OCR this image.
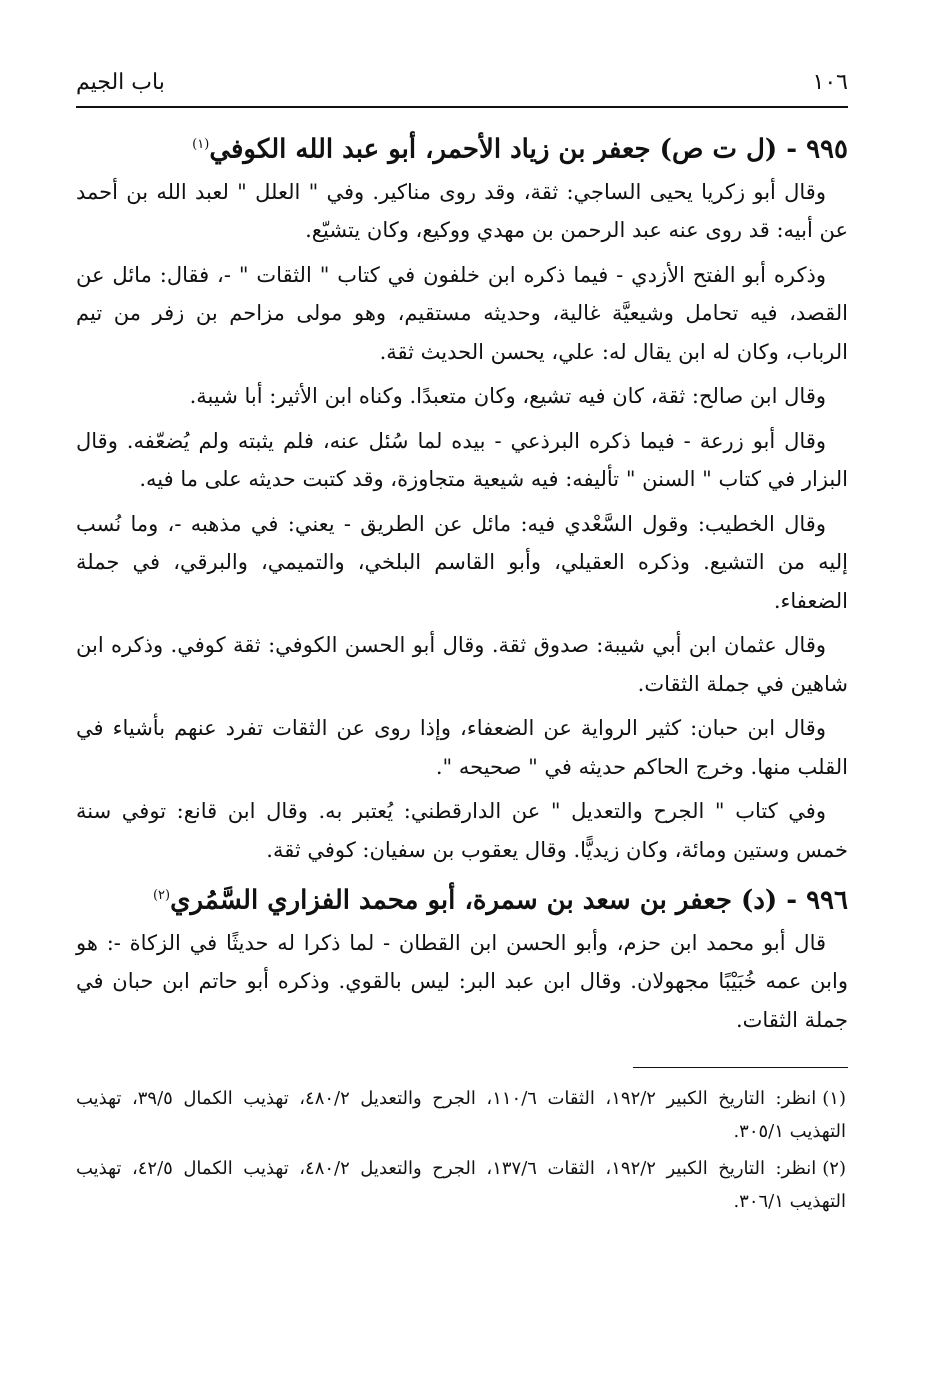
١٠٦
باب الجيم
٩٩٥ - (ل ت ص) جعفر بن زياد الأحمر، أبو عبد الله الكوفي$^{(١)}$

وقال أبو زكريا يحيى الساجي: ثقة، وقد روى مناكير. وفي " العلل " لعبد الله بن أحمد عن أبيه: قد روى عنه عبد الرحمن بن مهدي ووكيع، وكان يتشيّع.

وذكره أبو الفتح الأزدي - فيما ذكره ابن خلفون في كتاب " الثقات " -، فقال: مائل عن القصد، فيه تحامل وشيعيَّة غالية، وحديثه مستقيم، وهو مولى مزاحم بن زفر من تيم الرباب، وكان له ابن يقال له: علي، يحسن الحديث ثقة.

وقال ابن صالح: ثقة، كان فيه تشيع، وكان متعبدًا. وكناه ابن الأثير: أبا شيبة.

وقال أبو زرعة - فيما ذكره البرذعي - بيده لما سُئل عنه، فلم يثبته ولم يُضعّفه. وقال البزار في كتاب " السنن " تأليفه: فيه شيعية متجاوزة، وقد كتبت حديثه على ما فيه.

وقال الخطيب: وقول السَّعْدي فيه: مائل عن الطريق - يعني: في مذهبه -، وما نُسب إليه من التشيع. وذكره العقيلي، وأبو القاسم البلخي، والتميمي، والبرقي، في جملة الضعفاء.

وقال عثمان ابن أبي شيبة: صدوق ثقة. وقال أبو الحسن الكوفي: ثقة كوفي. وذكره ابن شاهين في جملة الثقات.

وقال ابن حبان: كثير الرواية عن الضعفاء، وإذا روى عن الثقات تفرد عنهم بأشياء في القلب منها. وخرج الحاكم حديثه في " صحيحه ".

وفي كتاب " الجرح والتعديل " عن الدارقطني: يُعتبر به. وقال ابن قانع: توفي سنة خمس وستين ومائة، وكان زيديًّا. وقال يعقوب بن سفيان: كوفي ثقة.

٩٩٦ - (د) جعفر بن سعد بن سمرة، أبو محمد الفزاري السَّمُري$^{(٢)}$

قال أبو محمد ابن حزم، وأبو الحسن ابن القطان - لما ذكرا له حديثًا في الزكاة -: هو وابن عمه خُبَيْبًا مجهولان. وقال ابن عبد البر: ليس بالقوي. وذكره أبو حاتم ابن حبان في جملة الثقات.

(١)انظر: التاريخ الكبير ١٩٢/٢، الثقات ١١٠/٦، الجرح والتعديل ٤٨٠/٢، تهذيب الكمال ٣٩/٥، تهذيب التهذيب ٣٠٥/١.

(٢)انظر: التاريخ الكبير ١٩٢/٢، الثقات ١٣٧/٦، الجرح والتعديل ٤٨٠/٢، تهذيب الكمال ٤٢/٥، تهذيب التهذيب ٣٠٦/١.
